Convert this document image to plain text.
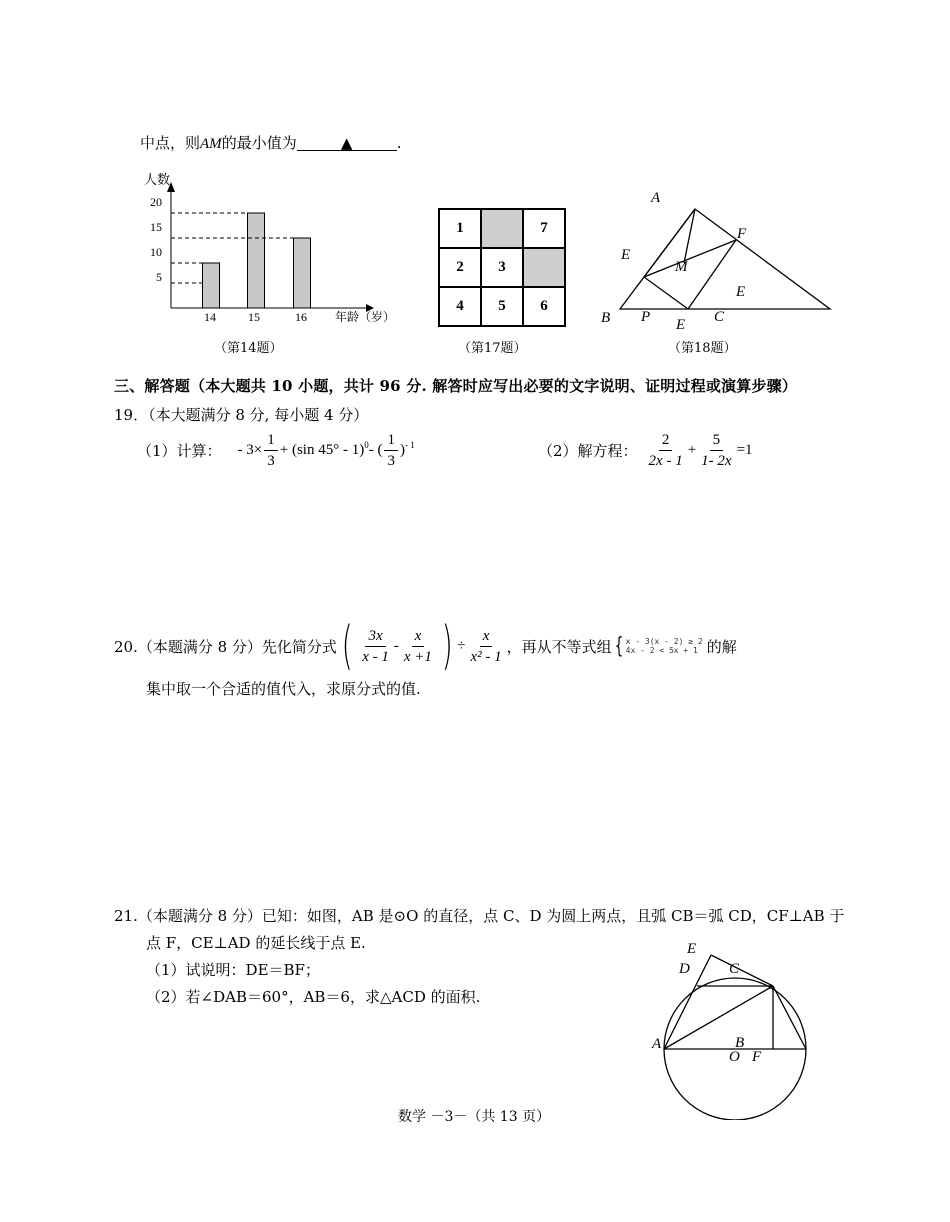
中点，则AM的最小值为	▲	.
人数
20
15
10
5
14	15	16 年龄（岁）
（第14题）
1		7
2	3	
4	5	6
（第17题）
A
F
E
M
E
B P E C
（第18题）
三、解答题（本大题共 10 小题，共计 96 分. 解答时应写出必要的文字说明、证明过程或演算步骤）
19．（本大题满分 8 分, 每小题 4 分）
（1）计算： - $3\times \frac{1}{3} + (\sin$ 45° - 1)$^0$ - ( $\frac{1}{3} )^{- 1}$	（2）解方程： $\frac{2}{2x - 1} + \frac{5}{1- 2x} =1$
20.（本题满分 8 分）先化简分式 ( $\frac{3x}{x - 1} - \frac{x}{x +1}$ ) ÷ $\frac{x}{\text{x² - 1}}$ ，再从不等式组 { x - 3(x - 2) ≥ 2
4x - 2 < 5x + 1 的解
集中取一个合适的值代入，求原分式的值.
21.（本题满分 8 分）已知：如图，AB 是⊙O 的直径，点 C、D 为圆上两点，且弧 CB＝弧 CD，CF⊥AB 于
点 F，CE⊥AD 的延长线于点 E.
（1）试说明：DE＝BF；
（2）若∠DAB＝60°，AB＝6，求△ACD 的面积.
E
D	C
A	B
O F
数学 －3－（共 13 页）
